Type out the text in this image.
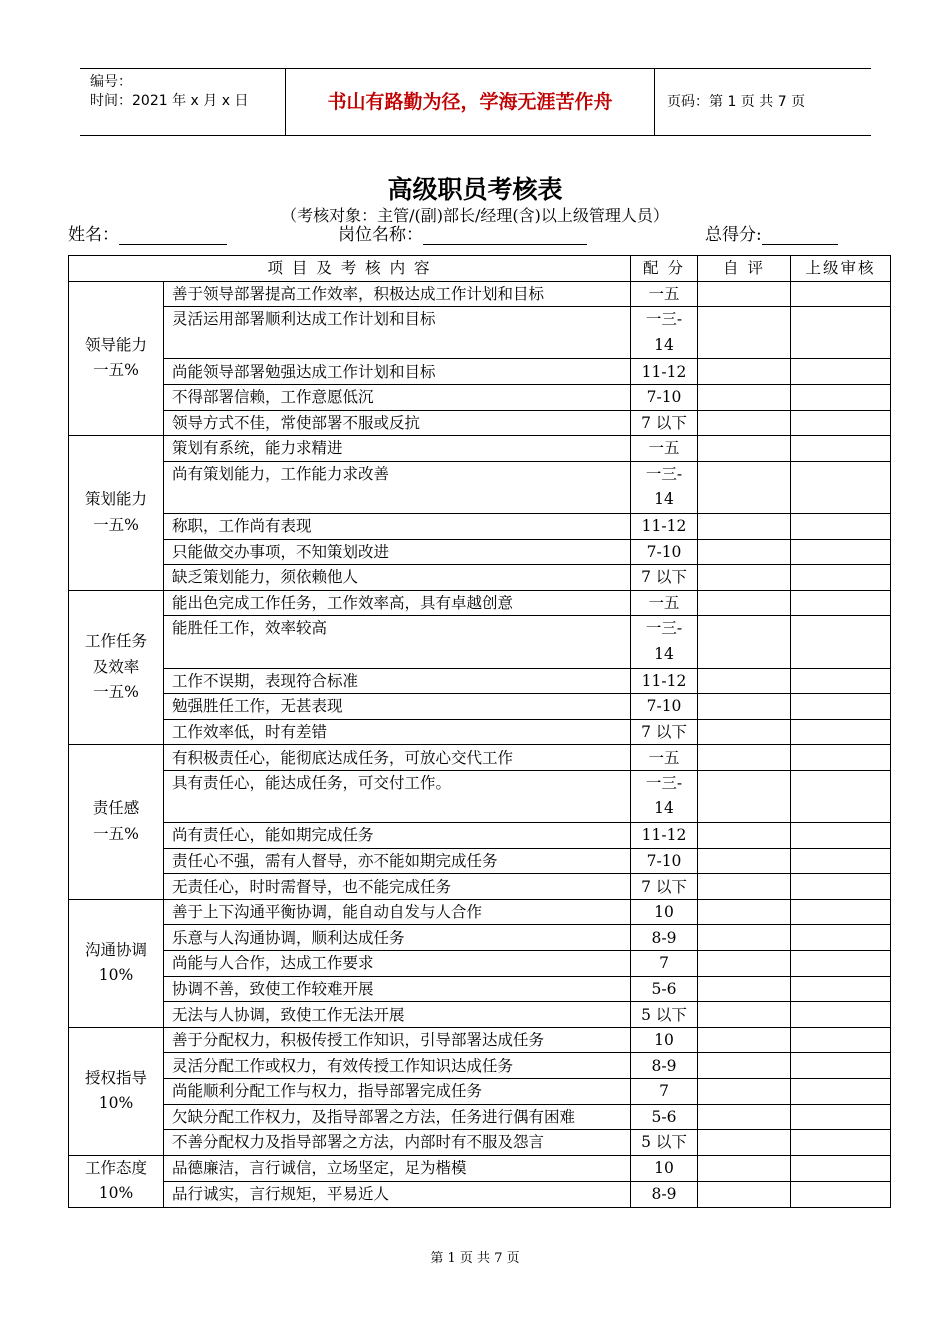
编号：
时间：2021 年 x 月 x 日	书山有路勤为径，学海无涯苦作舟	页码：第 1 页 共 7 页
高级职员考核表
（考核对象：主管/(副)部长/经理(含)以上级管理人员）
姓名：	岗位名称：	总得分:
项 目 及 考 核 内 容		配 分	自 评	上级审核

领导能力
一五%	善于领导部署提高工作效率，积极达成工作计划和目标	一五		

	灵活运用部署顺利达成工作计划和目标	一三-
14		

	尚能领导部署勉强达成工作计划和目标	11-12		

	不得部署信赖，工作意愿低沉	7-10		

	领导方式不佳，常使部署不服或反抗	7 以下		

策划能力
一五%	策划有系统，能力求精进	一五		

	尚有策划能力，工作能力求改善	一三-
14		

	称职，工作尚有表现	11-12		

	只能做交办事项，不知策划改进	7-10		

	缺乏策划能力，须依赖他人	7 以下		

工作任务
及效率
一五%	能出色完成工作任务，工作效率高，具有卓越创意	一五		

	能胜任工作，效率较高	一三-
14		

	工作不误期，表现符合标准	11-12		

	勉强胜任工作，无甚表现	7-10		

	工作效率低，时有差错	7 以下		

责任感
一五%	有积极责任心，能彻底达成任务，可放心交代工作	一五		

	具有责任心，能达成任务，可交付工作。	一三-
14		

	尚有责任心，能如期完成任务	11-12		

	责任心不强，需有人督导，亦不能如期完成任务	7-10		

	无责任心，时时需督导，也不能完成任务	7 以下		

沟通协调
10%	善于上下沟通平衡协调，能自动自发与人合作	10		

	乐意与人沟通协调，顺利达成任务	8-9		

	尚能与人合作，达成工作要求	7		

	协调不善，致使工作较难开展	5-6		

	无法与人协调，致使工作无法开展	5 以下		

授权指导
10%	善于分配权力，积极传授工作知识，引导部署达成任务	10		

	灵活分配工作或权力，有效传授工作知识达成任务	8-9		

	尚能顺利分配工作与权力，指导部署完成任务	7		

	欠缺分配工作权力，及指导部署之方法，任务进行偶有困难	5-6		

	不善分配权力及指导部署之方法，内部时有不服及怨言	5 以下		

工作态度
10%	品德廉洁，言行诚信，立场坚定，足为楷模	10		

	品行诚实，言行规矩，平易近人	8-9		

第 1 页 共 7 页
